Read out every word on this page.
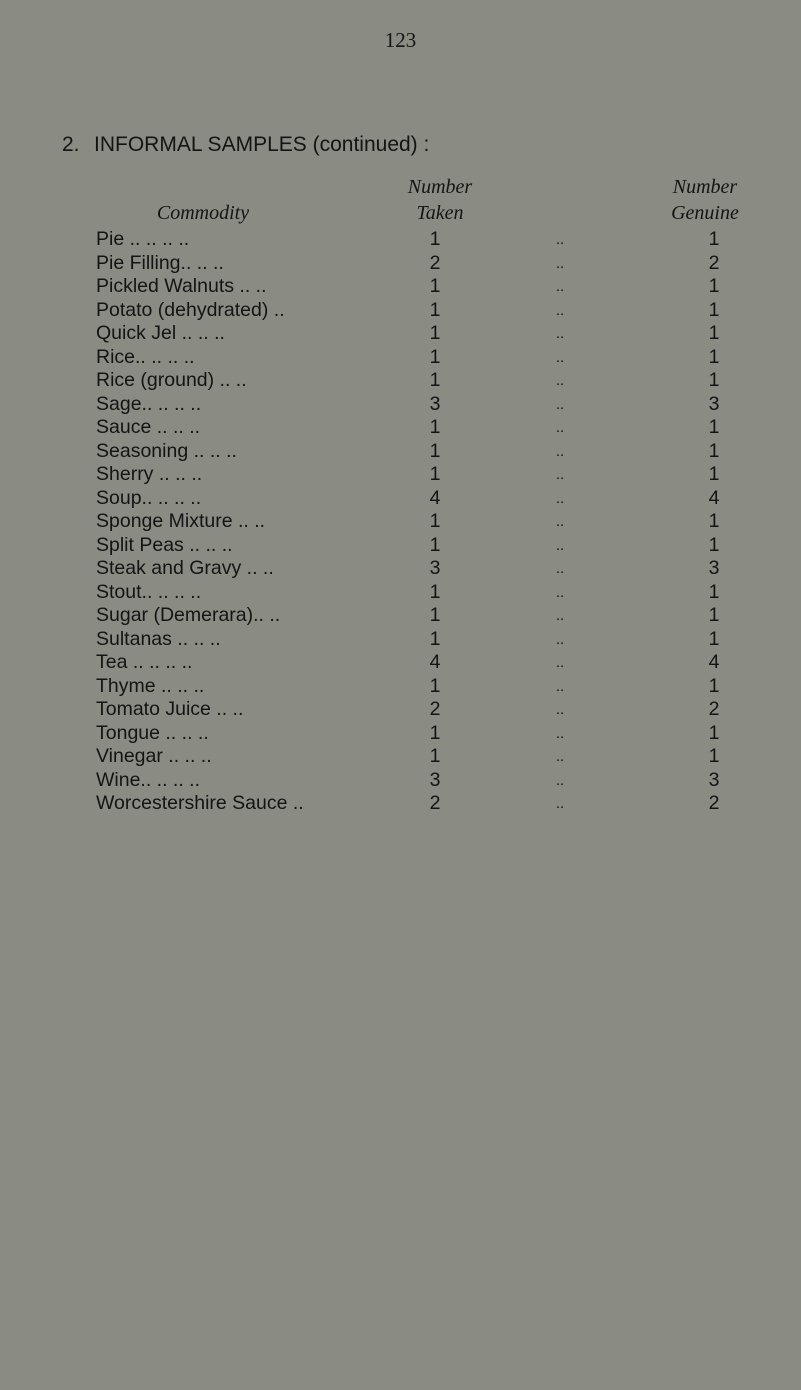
123
2. INFORMAL SAMPLES (continued) :
Commodity
Number
Taken
Number
Genuine
Pie .. .. .. ..	1	..	1
Pie Filling.. .. ..	2	..	2
Pickled Walnuts .. ..	1	..	1
Potato (dehydrated) ..	1	..	1
Quick Jel .. .. ..	1	..	1
Rice.. .. .. ..	1	..	1
Rice (ground) .. ..	1	..	1
Sage.. .. .. ..	3	..	3
Sauce .. .. ..	1	..	1
Seasoning .. .. ..	1	..	1
Sherry .. .. ..	1	..	1
Soup.. .. .. ..	4	..	4
Sponge Mixture .. ..	1	..	1
Split Peas .. .. ..	1	..	1
Steak and Gravy .. ..	3	..	3
Stout.. .. .. ..	1	..	1
Sugar (Demerara).. ..	1	..	1
Sultanas .. .. ..	1	..	1
Tea .. .. .. ..	4	..	4
Thyme .. .. ..	1	..	1
Tomato Juice .. ..	2	..	2
Tongue .. .. ..	1	..	1
Vinegar .. .. ..	1	..	1
Wine.. .. .. ..	3	..	3
Worcestershire Sauce ..	2	..	2
